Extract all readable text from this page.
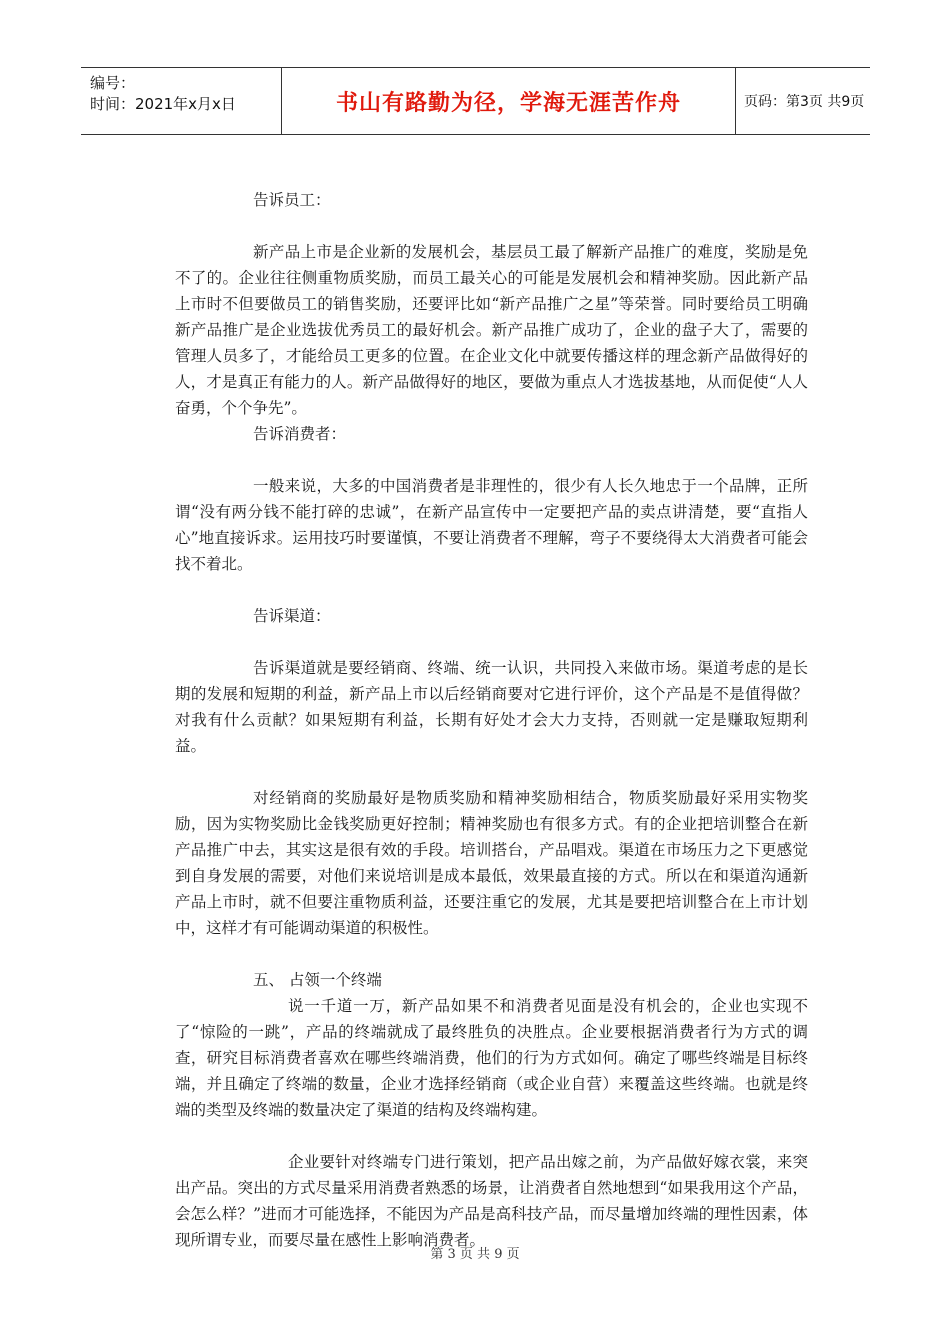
编号：
时间：2021年x月x日	书山有路勤为径，学海无涯苦作舟	页码：第3页 共9页

告诉员工：

新产品上市是企业新的发展机会，基层员工最了解新产品推广的难度，奖励是免不了的。企业往往侧重物质奖励，而员工最关心的可能是发展机会和精神奖励。因此新产品上市时不但要做员工的销售奖励，还要评比如“新产品推广之星”等荣誉。同时要给员工明确新产品推广是企业选拔优秀员工的最好机会。新产品推广成功了，企业的盘子大了，需要的管理人员多了，才能给员工更多的位置。在企业文化中就要传播这样的理念新产品做得好的人，才是真正有能力的人。新产品做得好的地区，要做为重点人才选拔基地，从而促使“人人奋勇，个个争先”。

告诉消费者：

一般来说，大多的中国消费者是非理性的，很少有人长久地忠于一个品牌，正所谓“没有两分钱不能打碎的忠诚”，在新产品宣传中一定要把产品的卖点讲清楚，要“直指人心”地直接诉求。运用技巧时要谨慎，不要让消费者不理解，弯子不要绕得太大消费者可能会找不着北。

告诉渠道：

告诉渠道就是要经销商、终端、统一认识，共同投入来做市场。渠道考虑的是长期的发展和短期的利益，新产品上市以后经销商要对它进行评价，这个产品是不是值得做？对我有什么贡献？如果短期有利益，长期有好处才会大力支持，否则就一定是赚取短期利益。

对经销商的奖励最好是物质奖励和精神奖励相结合，物质奖励最好采用实物奖励，因为实物奖励比金钱奖励更好控制；精神奖励也有很多方式。有的企业把培训整合在新产品推广中去，其实这是很有效的手段。培训搭台，产品唱戏。渠道在市场压力之下更感觉到自身发展的需要，对他们来说培训是成本最低，效果最直接的方式。所以在和渠道沟通新产品上市时，就不但要注重物质利益，还要注重它的发展，尤其是要把培训整合在上市计划中，这样才有可能调动渠道的积极性。

五、 占领一个终端

说一千道一万，新产品如果不和消费者见面是没有机会的，企业也实现不了“惊险的一跳”，产品的终端就成了最终胜负的决胜点。企业要根据消费者行为方式的调查，研究目标消费者喜欢在哪些终端消费，他们的行为方式如何。确定了哪些终端是目标终端，并且确定了终端的数量，企业才选择经销商（或企业自营）来覆盖这些终端。也就是终端的类型及终端的数量决定了渠道的结构及终端构建。

企业要针对终端专门进行策划，把产品出嫁之前，为产品做好嫁衣裳，来突出产品。突出的方式尽量采用消费者熟悉的场景，让消费者自然地想到“如果我用这个产品，会怎么样？”进而才可能选择，不能因为产品是高科技产品，而尽量增加终端的理性因素，体现所谓专业，而要尽量在感性上影响消费者。

第 3 页 共 9 页
